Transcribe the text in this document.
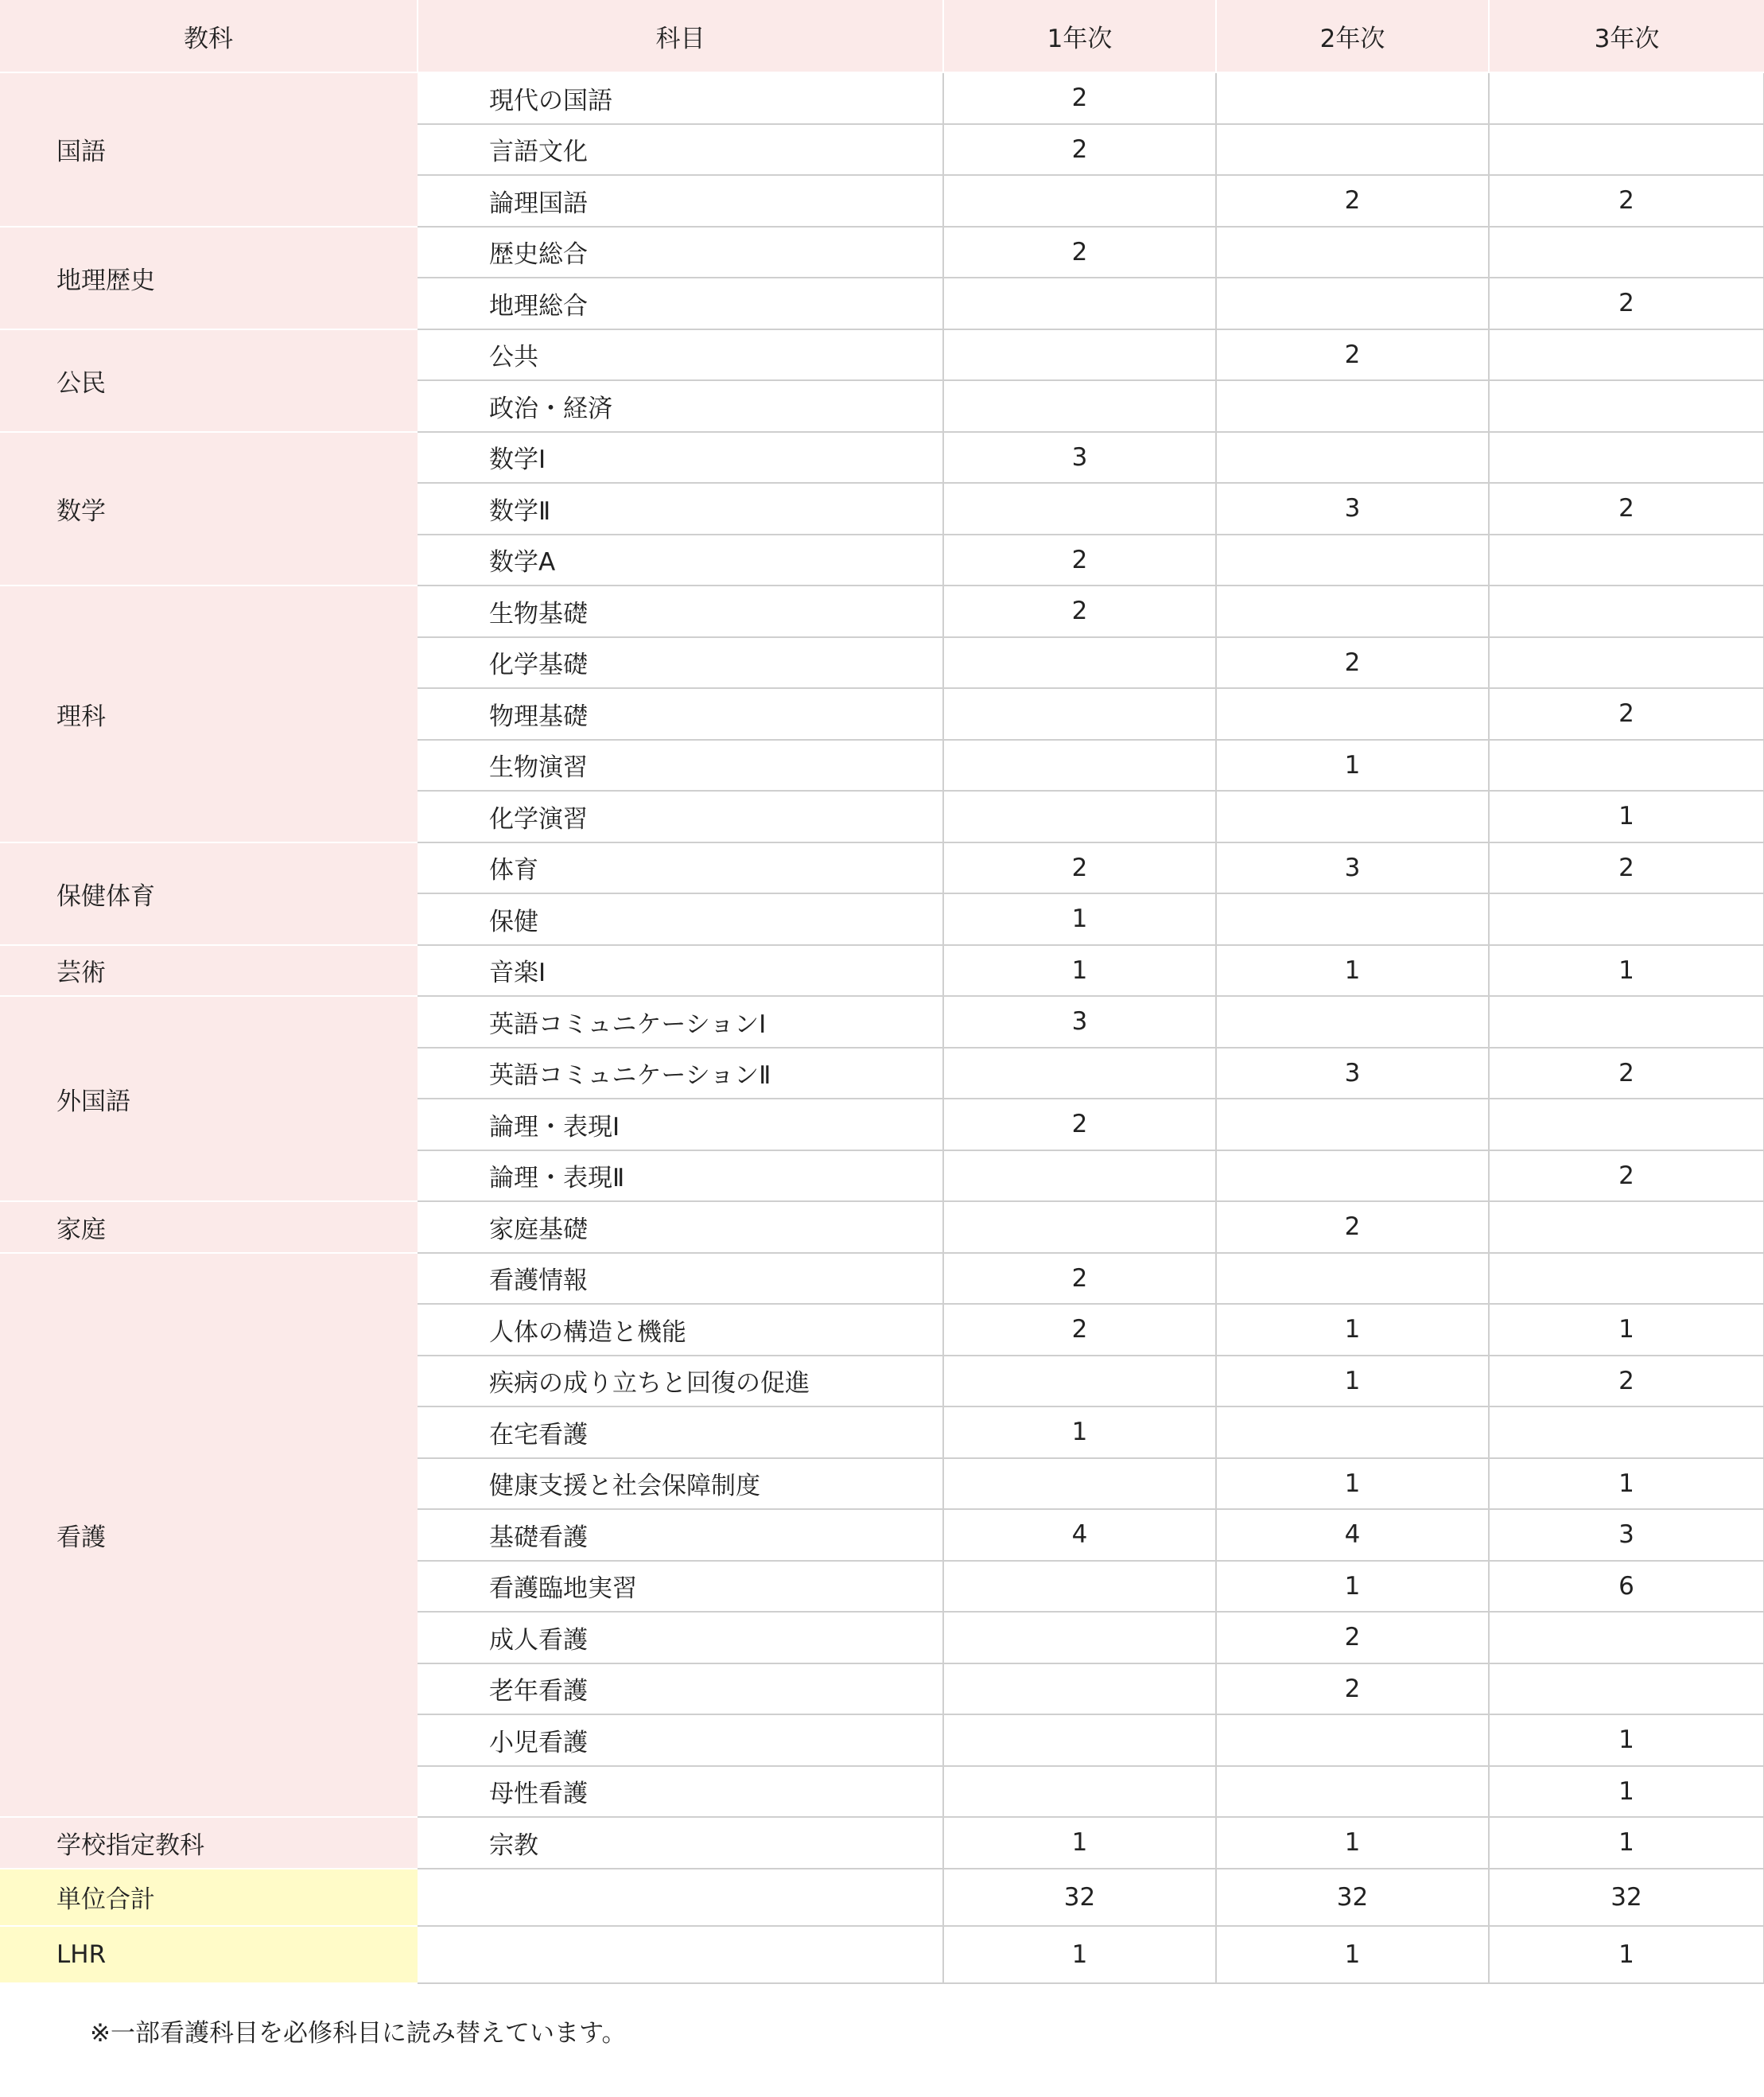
教科	科目	1年次	2年次	3年次
国語	現代の国語	2		
	言語文化	2		
	論理国語		2	2
地理歴史	歴史総合	2		
	地理総合			2
公民	公共		2	
	政治・経済			
数学	数学Ⅰ	3		
	数学Ⅱ		3	2
	数学A	2		
理科	生物基礎	2		
	化学基礎		2	
	物理基礎			2
	生物演習		1	
	化学演習			1
保健体育	体育	2	3	2
	保健	1		
芸術	音楽Ⅰ	1	1	1
外国語	英語コミュニケーションⅠ	3		
	英語コミュニケーションⅡ		3	2
	論理・表現Ⅰ	2		
	論理・表現Ⅱ			2
家庭	家庭基礎		2	
看護	看護情報	2		
	人体の構造と機能	2	1	1
	疾病の成り立ちと回復の促進		1	2
	在宅看護	1		
	健康支援と社会保障制度		1	1
	基礎看護	4	4	3
	看護臨地実習		1	6
	成人看護		2	
	老年看護		2	
	小児看護			1
	母性看護			1
学校指定教科	宗教	1	1	1
単位合計		32	32	32
LHR		1	1	1
※一部看護科目を必修科目に読み替えています。
